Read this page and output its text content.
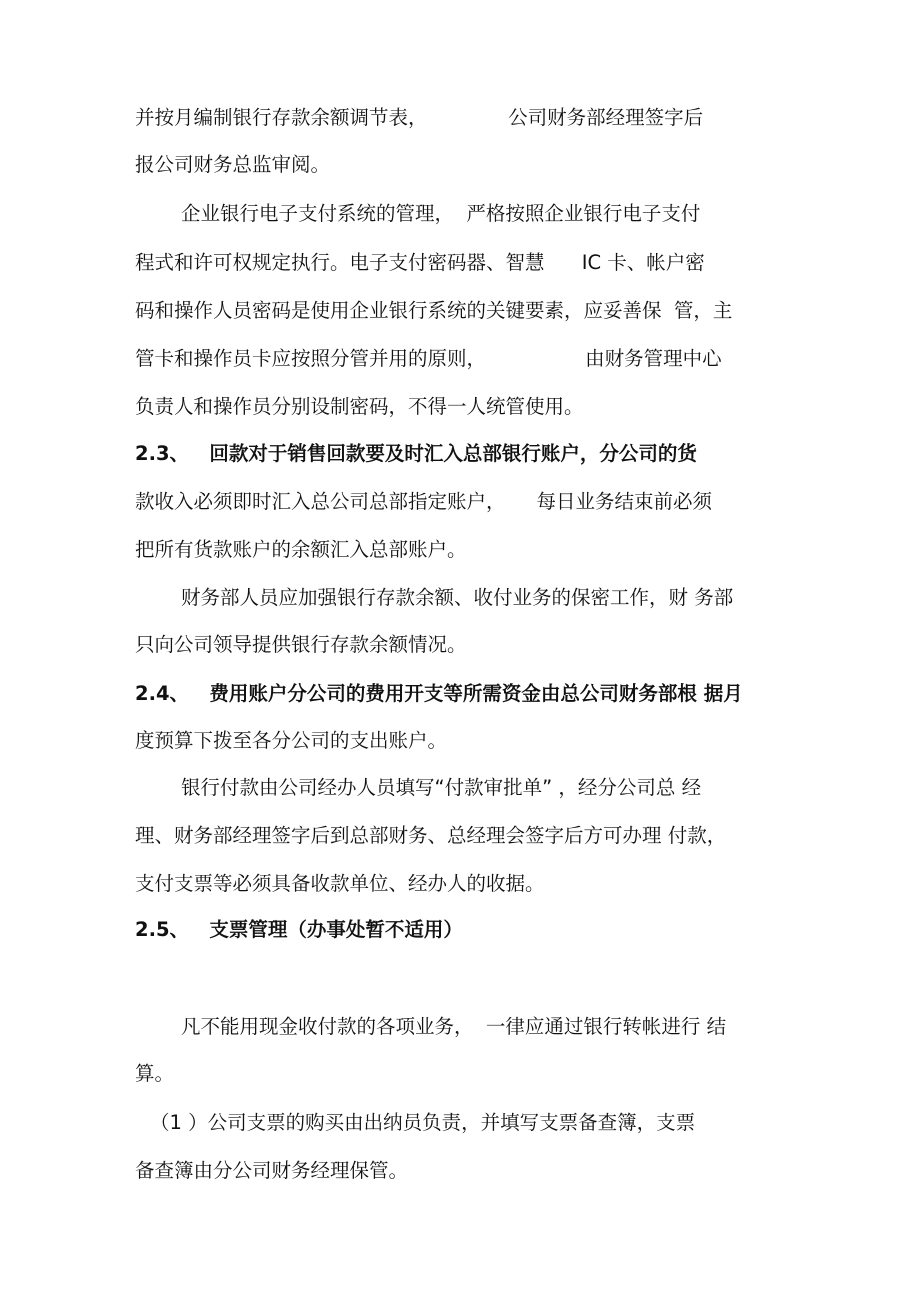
并按月编制银行存款余额调节表，             公司财务部经理签字后

报公司财务总监审阅。

企业银行电子支付系统的管理，  严格按照企业银行电子支付

程式和许可权规定执行。电子支付密码器、智慧      IC 卡、帐户密

码和操作人员密码是使用企业银行系统的关键要素，应妥善保  管，主

管卡和操作员卡应按照分管并用的原则，                由财务管理中心

负责人和操作员分别设制密码，不得一人统管使用。

2.3、   回款对于销售回款要及时汇入总部银行账户，分公司的货

款收入必须即时汇入总公司总部指定账户，     每日业务结束前必须

把所有货款账户的余额汇入总部账户。

财务部人员应加强银行存款余额、收付业务的保密工作，财 务部

只向公司领导提供银行存款余额情况。

2.4、   费用账户分公司的费用开支等所需资金由总公司财务部根 据月

度预算下拨至各分公司的支出账户。

银行付款由公司经办人员填写“付款审批单” ，经分公司总 经

理、财务部经理签字后到总部财务、总经理会签字后方可办理 付款，

支付支票等必须具备收款单位、经办人的收据。

2.5、   支票管理（办事处暂不适用）

凡不能用现金收付款的各项业务，  一律应通过银行转帐进行 结

算。

（1 ）公司支票的购买由出纳员负责，并填写支票备查簿，支票

备查簿由分公司财务经理保管。
